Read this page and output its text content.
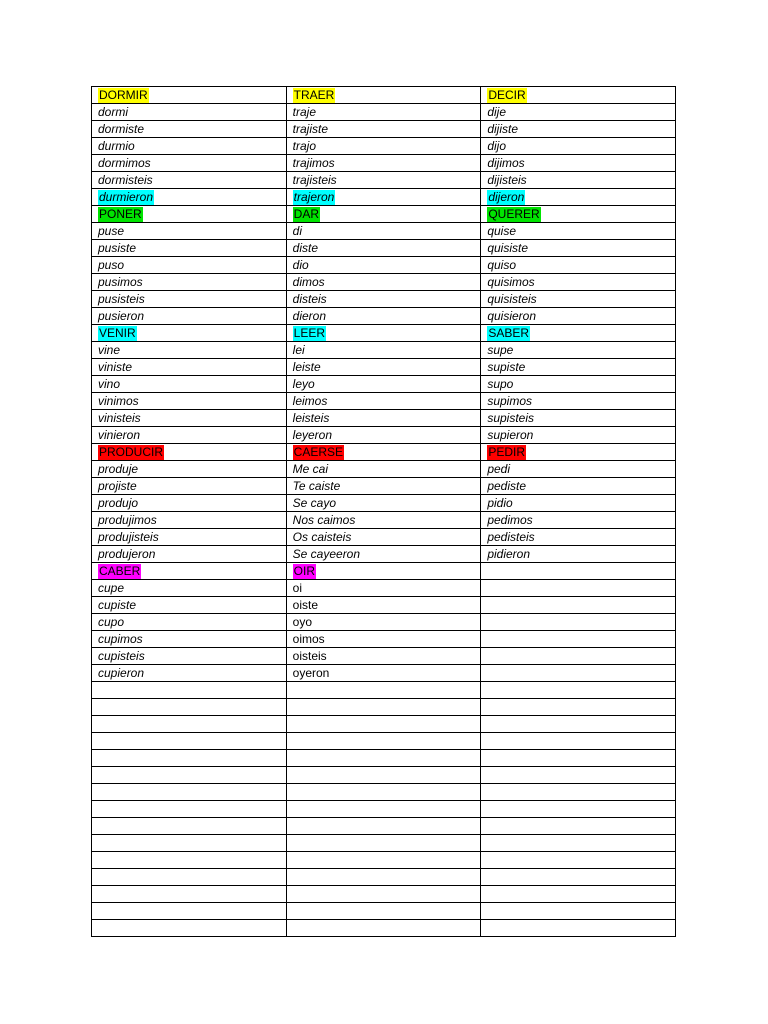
DORMIR	TRAER	DECIR
dormi	traje	dije
dormiste	trajiste	dijiste
durmio	trajo	dijo
dormimos	trajimos	dijimos
dormisteis	trajisteis	dijisteis
durmieron	trajeron	dijeron
PONER	DAR	QUERER
puse	di	quise
pusiste	diste	quisiste
puso	dio	quiso
pusimos	dimos	quisimos
pusisteis	disteis	quisisteis
pusieron	dieron	quisieron
VENIR	LEER	SABER
vine	lei	supe
viniste	leiste	supiste
vino	leyo	supo
vinimos	leimos	supimos
vinisteis	leisteis	supisteis
vinieron	leyeron	supieron
PRODUCIR	CAERSE	PEDIR
produje	Me cai	pedi
projiste	Te caiste	pediste
produjo	Se cayo	pidio
produjimos	Nos caimos	pedimos
produjisteis	Os caisteis	pedisteis
produjeron	Se cayeeron	pidieron
CABER	OIR	
cupe	oi	
cupiste	oiste	
cupo	oyo	
cupimos	oimos	
cupisteis	oisteis	
cupieron	oyeron	
